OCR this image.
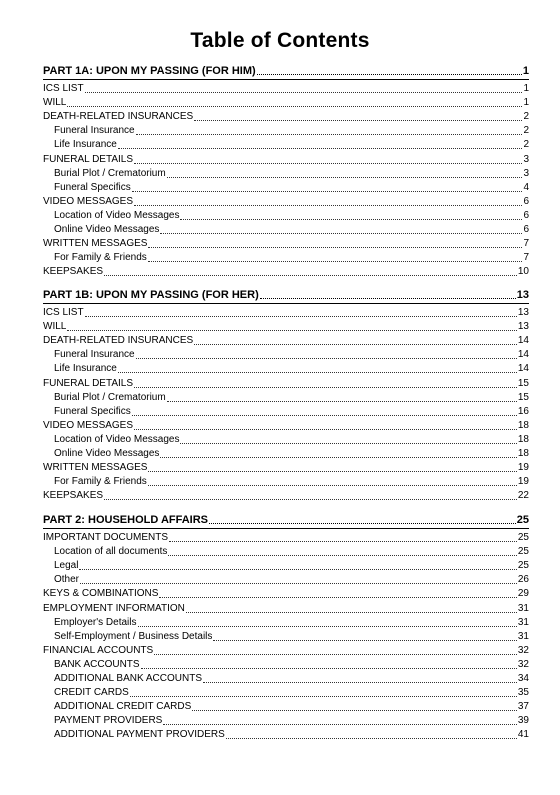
Table of Contents
PART 1A: UPON MY PASSING (FOR HIM)	1
ICS LIST	1
WILL	1
DEATH-RELATED INSURANCES	2
Funeral Insurance	2
Life Insurance	2
FUNERAL DETAILS	3
Burial Plot / Crematorium	3
Funeral Specifics	4
VIDEO MESSAGES	6
Location of Video Messages	6
Online Video Messages	6
WRITTEN MESSAGES	7
For Family & Friends	7
KEEPSAKES	10
PART 1B: UPON MY PASSING (FOR HER)	13
ICS LIST	13
WILL	13
DEATH-RELATED INSURANCES	14
Funeral Insurance	14
Life Insurance	14
FUNERAL DETAILS	15
Burial Plot / Crematorium	15
Funeral Specifics	16
VIDEO MESSAGES	18
Location of Video Messages	18
Online Video Messages	18
WRITTEN MESSAGES	19
For Family & Friends	19
KEEPSAKES	22
PART 2: HOUSEHOLD AFFAIRS	25
IMPORTANT DOCUMENTS	25
Location of all documents	25
Legal	25
Other	26
KEYS & COMBINATIONS	29
EMPLOYMENT INFORMATION	31
Employer's Details	31
Self-Employment / Business Details	31
FINANCIAL ACCOUNTS	32
BANK ACCOUNTS	32
ADDITIONAL BANK ACCOUNTS	34
CREDIT CARDS	35
ADDITIONAL CREDIT CARDS	37
PAYMENT PROVIDERS	39
ADDITIONAL PAYMENT PROVIDERS	41
